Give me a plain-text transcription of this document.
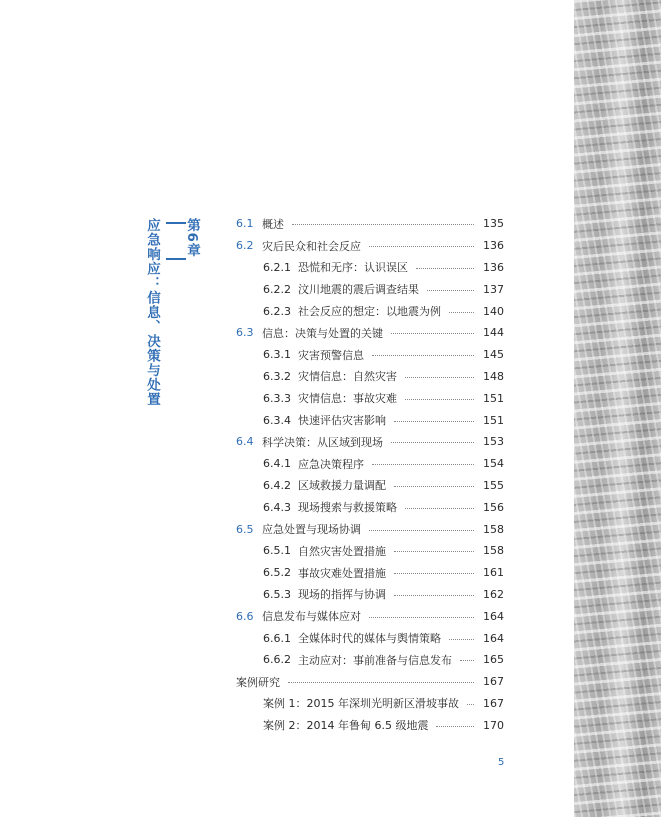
应急响应：信息、决策与处置 第6章	6.1 概述	135
6.2 灾后民众和社会反应	136
6.2.1 恐慌和无序：认识误区	136
6.2.2 汶川地震的震后调查结果	137
6.2.3 社会反应的想定：以地震为例	140
6.3 信息：决策与处置的关键	144
6.3.1 灾害预警信息	145
6.3.2 灾情信息：自然灾害	148
6.3.3 灾情信息：事故灾难	151
6.3.4 快速评估灾害影响	151
6.4 科学决策：从区域到现场	153
6.4.1 应急决策程序	154
6.4.2 区域救援力量调配	155
6.4.3 现场搜索与救援策略	156
6.5 应急处置与现场协调	158
6.5.1 自然灾害处置措施	158
6.5.2 事故灾难处置措施	161
6.5.3 现场的指挥与协调	162
6.6 信息发布与媒体应对	164
6.6.1 全媒体时代的媒体与舆情策略	164
6.6.2 主动应对：事前准备与信息发布	165
案例研究	167
案例 1：2015 年深圳光明新区滑坡事故 167
案例 2：2014 年鲁甸 6.5 级地震	170
5
